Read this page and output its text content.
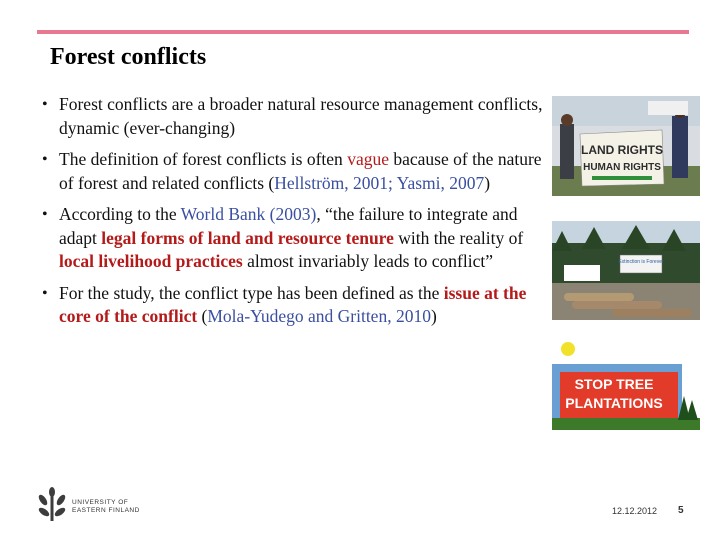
Forest conflicts
• Forest conflicts are a broader natural resource management conflicts, dynamic (ever-changing)
• The definition of forest conflicts is often vague bacause of the nature of forest and related conflicts (Hellström, 2001; Yasmi, 2007)
• According to the World Bank (2003), “the failure to integrate and adapt legal forms of land and resource tenure with the reality of local livelihood practices almost invariably leads to conflict”
• For the study, the conflict type has been defined as the issue at the core of the conflict (Mola-Yudego and Gritten, 2010)
LAND RIGHTS
HUMAN RIGHTS
Extinction is Forever
STOP TREE
PLANTATIONS
UNIVERSITY OF
EASTERN FINLAND	12.12.2012 5
